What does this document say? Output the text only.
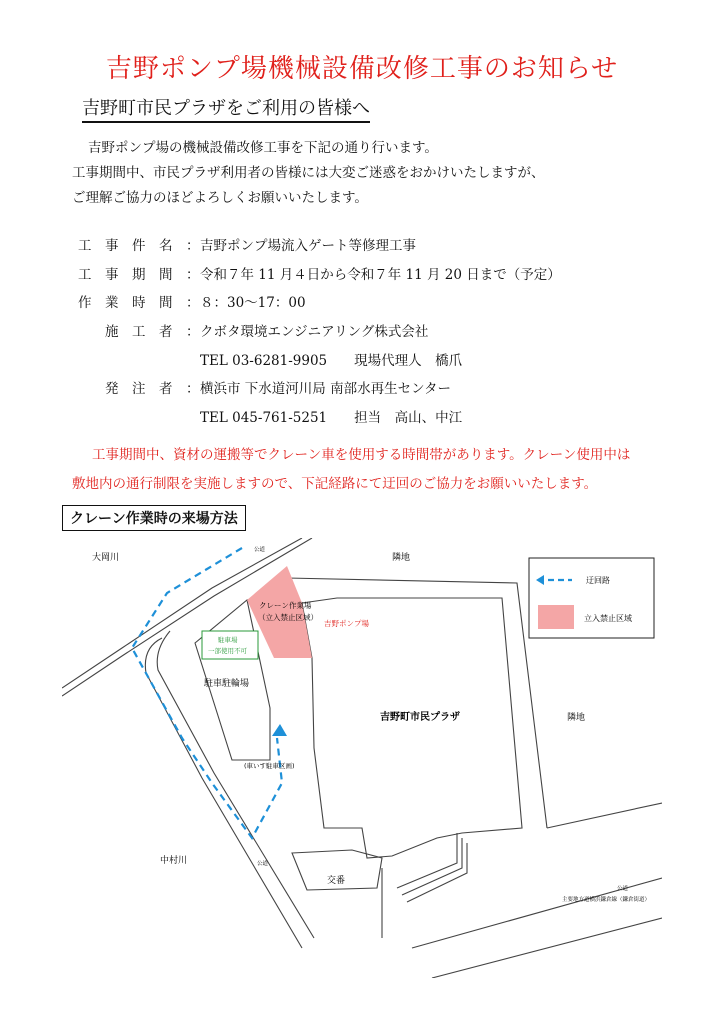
吉野ポンプ場機械設備改修工事のお知らせ
吉野町市民プラザをご利用の皆様へ
吉野ポンプ場の機械設備改修工事を下記の通り行います。
工事期間中、市民プラザ利用者の皆様には大変ご迷惑をおかけいたしますが、
ご理解ご協力のほどよろしくお願いいたします。
工　事　件　名　：吉野ポンプ場流入ゲート等修理工事
工　事　期　間　：令和７年 11 月４日から令和７年 11 月 20 日まで（予定）
作　業　時　間　：８：30〜17：00
施　工　者　：クボタ環境エンジニアリング株式会社
TEL 03-6281-9905　　現場代理人　橋爪
発　注　者　：横浜市 下水道河川局 南部水再生センター
TEL 045-761-5251　　担当　高山、中江
工事期間中、資材の運搬等でクレーン車を使用する時間帯があります。クレーン使用中は
敷地内の通行制限を実施しますので、下記経路にて迂回のご協力をお願いいたします。
クレーン作業時の来場方法
大岡川
公道
隣地
隣地
クレーン作業場
（立入禁止区域）
吉野ポンプ場
駐車場
一部使用不可
駐車駐輪場
吉野町市民プラザ
(車いす駐車区画)
中村川	公道
交番
公道
主要地方道横浜鎌倉線（鎌倉街道）
迂回路
立入禁止区域
